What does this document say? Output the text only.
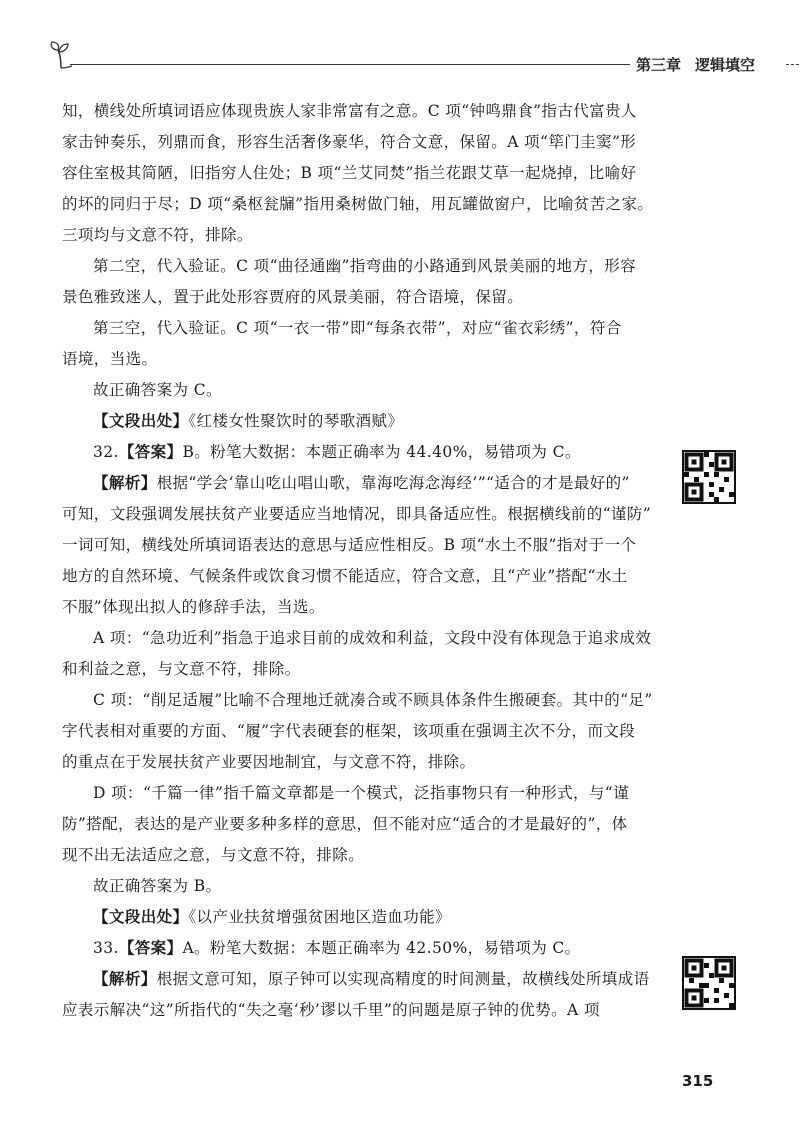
第三章 逻辑填空
知，横线处所填词语应体现贵族人家非常富有之意。C 项“钟鸣鼎食”指古代富贵人
家击钟奏乐，列鼎而食，形容生活奢侈豪华，符合文意，保留。A 项“筚门圭窦”形
容住室极其简陋，旧指穷人住处；B 项“兰艾同焚”指兰花跟艾草一起烧掉，比喻好
的坏的同归于尽；D 项“桑枢瓮牖”指用桑树做门轴，用瓦罐做窗户，比喻贫苦之家。
三项均与文意不符，排除。
第二空，代入验证。C 项“曲径通幽”指弯曲的小路通到风景美丽的地方，形容
景色雅致迷人，置于此处形容贾府的风景美丽，符合语境，保留。
第三空，代入验证。C 项“一衣一带”即“每条衣带”，对应“雀衣彩绣”，符合
语境，当选。
故正确答案为 C。
【文段出处】《红楼女性聚饮时的琴歌酒赋》
32.【答案】B。粉笔大数据：本题正确率为 44.40%，易错项为 C。
【解析】根据“学会‘靠山吃山唱山歌，靠海吃海念海经’”“适合的才是最好的”
可知，文段强调发展扶贫产业要适应当地情况，即具备适应性。根据横线前的“谨防”
一词可知，横线处所填词语表达的意思与适应性相反。B 项“水土不服”指对于一个
地方的自然环境、气候条件或饮食习惯不能适应，符合文意，且“产业”搭配“水土
不服”体现出拟人的修辞手法，当选。
A 项：“急功近利”指急于追求目前的成效和利益，文段中没有体现急于追求成效
和利益之意，与文意不符，排除。
C 项：“削足适履”比喻不合理地迁就凑合或不顾具体条件生搬硬套。其中的“足”
字代表相对重要的方面、“履”字代表硬套的框架，该项重在强调主次不分，而文段
的重点在于发展扶贫产业要因地制宜，与文意不符，排除。
D 项：“千篇一律”指千篇文章都是一个模式，泛指事物只有一种形式，与“谨
防”搭配，表达的是产业要多种多样的意思，但不能对应“适合的才是最好的”，体
现不出无法适应之意，与文意不符，排除。
故正确答案为 B。
【文段出处】《以产业扶贫增强贫困地区造血功能》
33.【答案】A。粉笔大数据：本题正确率为 42.50%，易错项为 C。
【解析】根据文意可知，原子钟可以实现高精度的时间测量，故横线处所填成语
应表示解决“这”所指代的“失之毫‘秒’谬以千里”的问题是原子钟的优势。A 项
315
